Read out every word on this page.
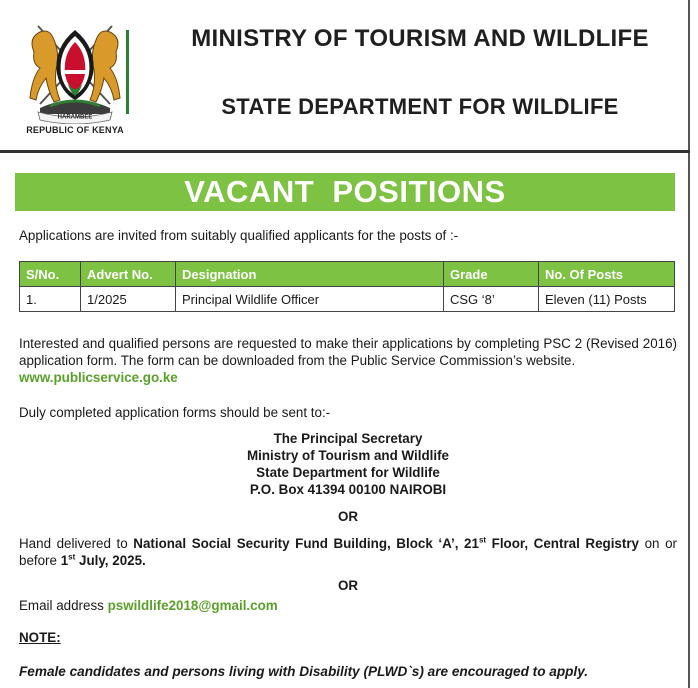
HARAMBEE
REPUBLIC OF KENYA
MINISTRY OF TOURISM AND WILDLIFE
STATE DEPARTMENT FOR WILDLIFE
VACANT  POSITIONS
Applications are invited from suitably qualified applicants for the posts of :-
S/No.	Advert No.	Designation	Grade	No. Of Posts
1.	1/2025	Principal Wildlife Officer	CSG ‘8’	Eleven (11) Posts
Interested and qualified persons are requested to make their applications by completing PSC 2 (Revised 2016) application form. The form can be downloaded from the Public Service Commission’s website.
www.publicservice.go.ke
Duly completed application forms should be sent to:-
The Principal Secretary
Ministry of Tourism and Wildlife
State Department for Wildlife
P.O. Box 41394 00100 NAIROBI
OR
Hand delivered to National Social Security Fund Building, Block ‘A’, 21st Floor, Central Registry on or before 1st July, 2025.
OR
Email address pswildlife2018@gmail.com
NOTE:
Female candidates and persons living with Disability (PLWD`s) are encouraged to apply.
